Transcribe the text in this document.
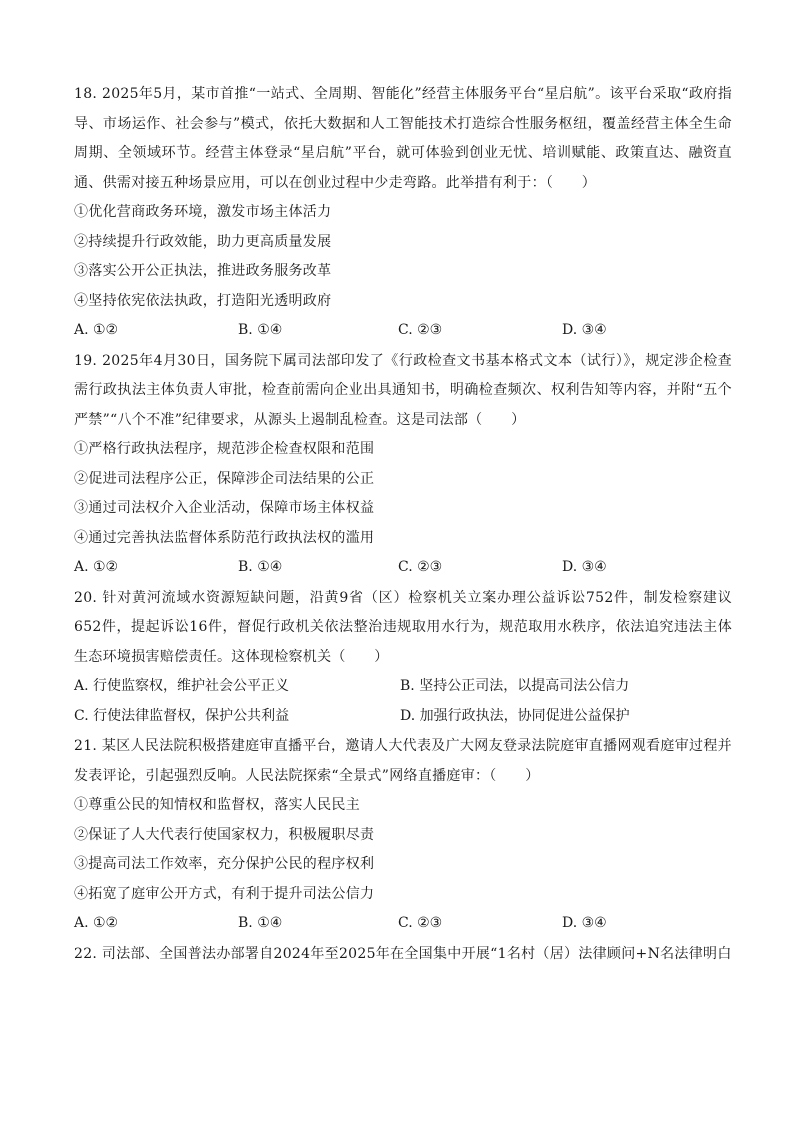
18. 2025年5月，某市首推“一站式、全周期、智能化”经营主体服务平台“星启航”。该平台采取“政府指导、市场运作、社会参与”模式，依托大数据和人工智能技术打造综合性服务枢纽，覆盖经营主体全生命周期、全领域环节。经营主体登录“星启航”平台，就可体验到创业无忧、培训赋能、政策直达、融资直通、供需对接五种场景应用，可以在创业过程中少走弯路。此举措有利于：（　　）

①优化营商政务环境，激发市场主体活力

②持续提升行政效能，助力更高质量发展

③落实公开公正执法，推进政务服务改革

④坚持依宪依法执政，打造阳光透明政府

A. ①②	B. ①④	C. ②③	D. ③④

19. 2025年4月30日，国务院下属司法部印发了《行政检查文书基本格式文本（试行）》，规定涉企检查需行政执法主体负责人审批，检查前需向企业出具通知书，明确检查频次、权利告知等内容，并附“五个严禁”“八个不准”纪律要求，从源头上遏制乱检查。这是司法部（　　）

①严格行政执法程序，规范涉企检查权限和范围

②促进司法程序公正，保障涉企司法结果的公正

③通过司法权介入企业活动，保障市场主体权益

④通过完善执法监督体系防范行政执法权的滥用

A. ①②	B. ①④	C. ②③	D. ③④

20. 针对黄河流域水资源短缺问题，沿黄9省（区）检察机关立案办理公益诉讼752件，制发检察建议652件，提起诉讼16件，督促行政机关依法整治违规取用水行为，规范取用水秩序，依法追究违法主体生态环境损害赔偿责任。这体现检察机关（　　）

A. 行使监察权，维护社会公平正义	B. 坚持公正司法，以提高司法公信力
C. 行使法律监督权，保护公共利益	D. 加强行政执法，协同促进公益保护

21. 某区人民法院积极搭建庭审直播平台，邀请人大代表及广大网友登录法院庭审直播网观看庭审过程并发表评论，引起强烈反响。人民法院探索“全景式”网络直播庭审：（　　）

①尊重公民的知情权和监督权，落实人民民主

②保证了人大代表行使国家权力，积极履职尽责

③提高司法工作效率，充分保护公民的程序权利

④拓宽了庭审公开方式，有利于提升司法公信力

A. ①②	B. ①④	C. ②③	D. ③④

22. 司法部、全国普法办部署自2024年至2025年在全国集中开展“1名村（居）法律顾问+N名法律明白
